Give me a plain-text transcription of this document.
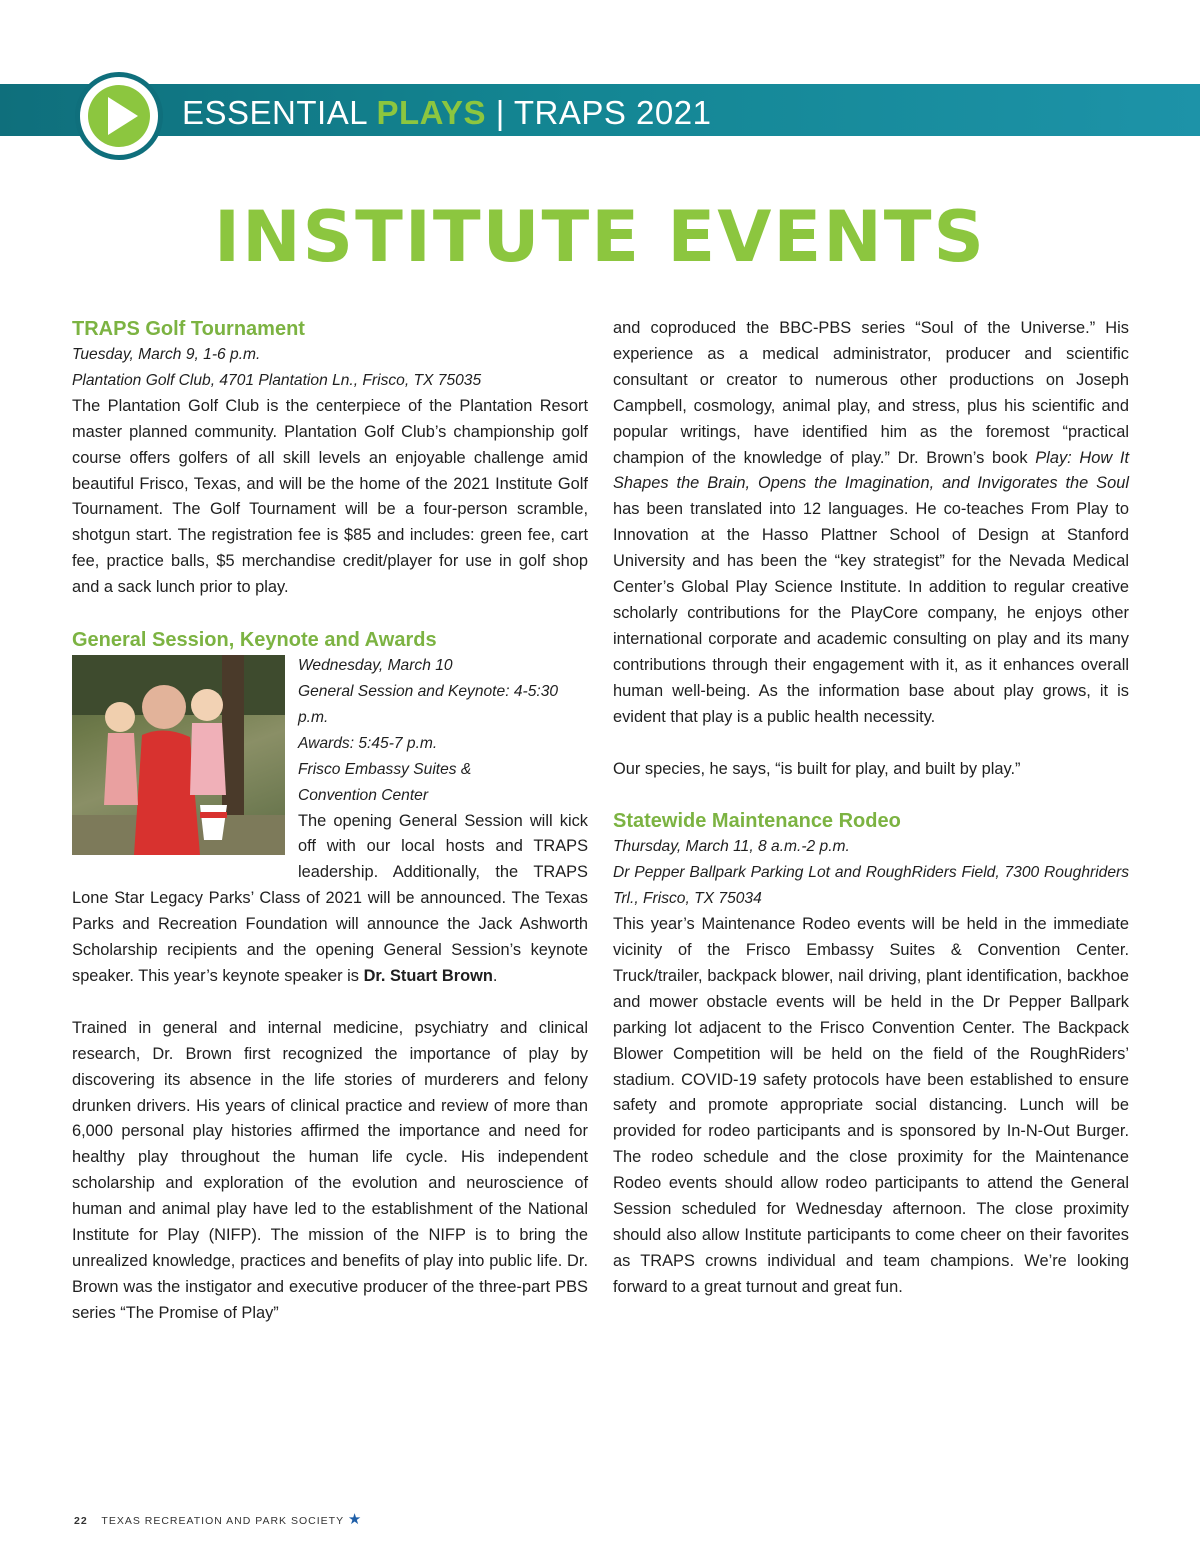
ESSENTIAL PLAYS | TRAPS 2021
INSTITUTE EVENTS
TRAPS Golf Tournament
Tuesday, March 9, 1-6 p.m.
Plantation Golf Club, 4701 Plantation Ln., Frisco, TX 75035

The Plantation Golf Club is the centerpiece of the Plantation Resort master planned community. Plantation Golf Club’s championship golf course offers golfers of all skill levels an enjoyable challenge amid beautiful Frisco, Texas, and will be the home of the 2021 Institute Golf Tournament. The Golf Tournament will be a four-person scramble, shotgun start. The registration fee is $85 and includes: green fee, cart fee, practice balls, $5 merchandise credit/player for use in golf shop and a sack lunch prior to play.

General Session, Keynote and Awards
Wednesday, March 10
General Session and Keynote: 4-5:30 p.m.
Awards: 5:45-7 p.m.
Frisco Embassy Suites &
Convention Center

The opening General Session will kick off with our local hosts and TRAPS leadership. Additionally, the TRAPS Lone Star Legacy Parks’ Class of 2021 will be announced. The Texas Parks and Recreation Foundation will announce the Jack Ashworth Scholarship recipients and the opening General Session’s keynote speaker. This year’s keynote speaker is Dr. Stuart Brown.

Trained in general and internal medicine, psychiatry and clinical research, Dr. Brown first recognized the importance of play by discovering its absence in the life stories of murderers and felony drunken drivers. His years of clinical practice and review of more than 6,000 personal play histories affirmed the importance and need for healthy play throughout the human life cycle. His independent scholarship and exploration of the evolution and neuroscience of human and animal play have led to the establishment of the National Institute for Play (NIFP). The mission of the NIFP is to bring the unrealized knowledge, practices and benefits of play into public life. Dr. Brown was the instigator and executive producer of the three-part PBS series “The Promise of Play”

and coproduced the BBC-PBS series “Soul of the Universe.” His experience as a medical administrator, producer and scientific consultant or creator to numerous other productions on Joseph Campbell, cosmology, animal play, and stress, plus his scientific and popular writings, have identified him as the foremost “practical champion of the knowledge of play.” Dr. Brown’s book Play: How It Shapes the Brain, Opens the Imagination, and Invigorates the Soul has been translated into 12 languages. He co-teaches From Play to Innovation at the Hasso Plattner School of Design at Stanford University and has been the “key strategist” for the Nevada Medical Center’s Global Play Science Institute. In addition to regular creative scholarly contributions for the PlayCore company, he enjoys other international corporate and academic consulting on play and its many contributions through their engagement with it, as it enhances overall human well-being. As the information base about play grows, it is evident that play is a public health necessity.

Our species, he says, “is built for play, and built by play.”

Statewide Maintenance Rodeo
Thursday, March 11, 8 a.m.-2 p.m.

Dr Pepper Ballpark Parking Lot and RoughRiders Field, 7300 Roughriders Trl., Frisco, TX 75034

This year’s Maintenance Rodeo events will be held in the immediate vicinity of the Frisco Embassy Suites & Convention Center. Truck/trailer, backpack blower, nail driving, plant identification, backhoe and mower obstacle events will be held in the Dr Pepper Ballpark parking lot adjacent to the Frisco Convention Center. The Backpack Blower Competition will be held on the field of the RoughRiders’ stadium. COVID-19 safety protocols have been established to ensure safety and promote appropriate social distancing. Lunch will be provided for rodeo participants and is sponsored by In-N-Out Burger. The rodeo schedule and the close proximity for the Maintenance Rodeo events should allow rodeo participants to attend the General Session scheduled for Wednesday afternoon. The close proximity should also allow Institute participants to come cheer on their favorites as TRAPS crowns individual and team champions. We’re looking forward to a great turnout and great fun.

22 TEXAS RECREATION AND PARK SOCIETY ★
